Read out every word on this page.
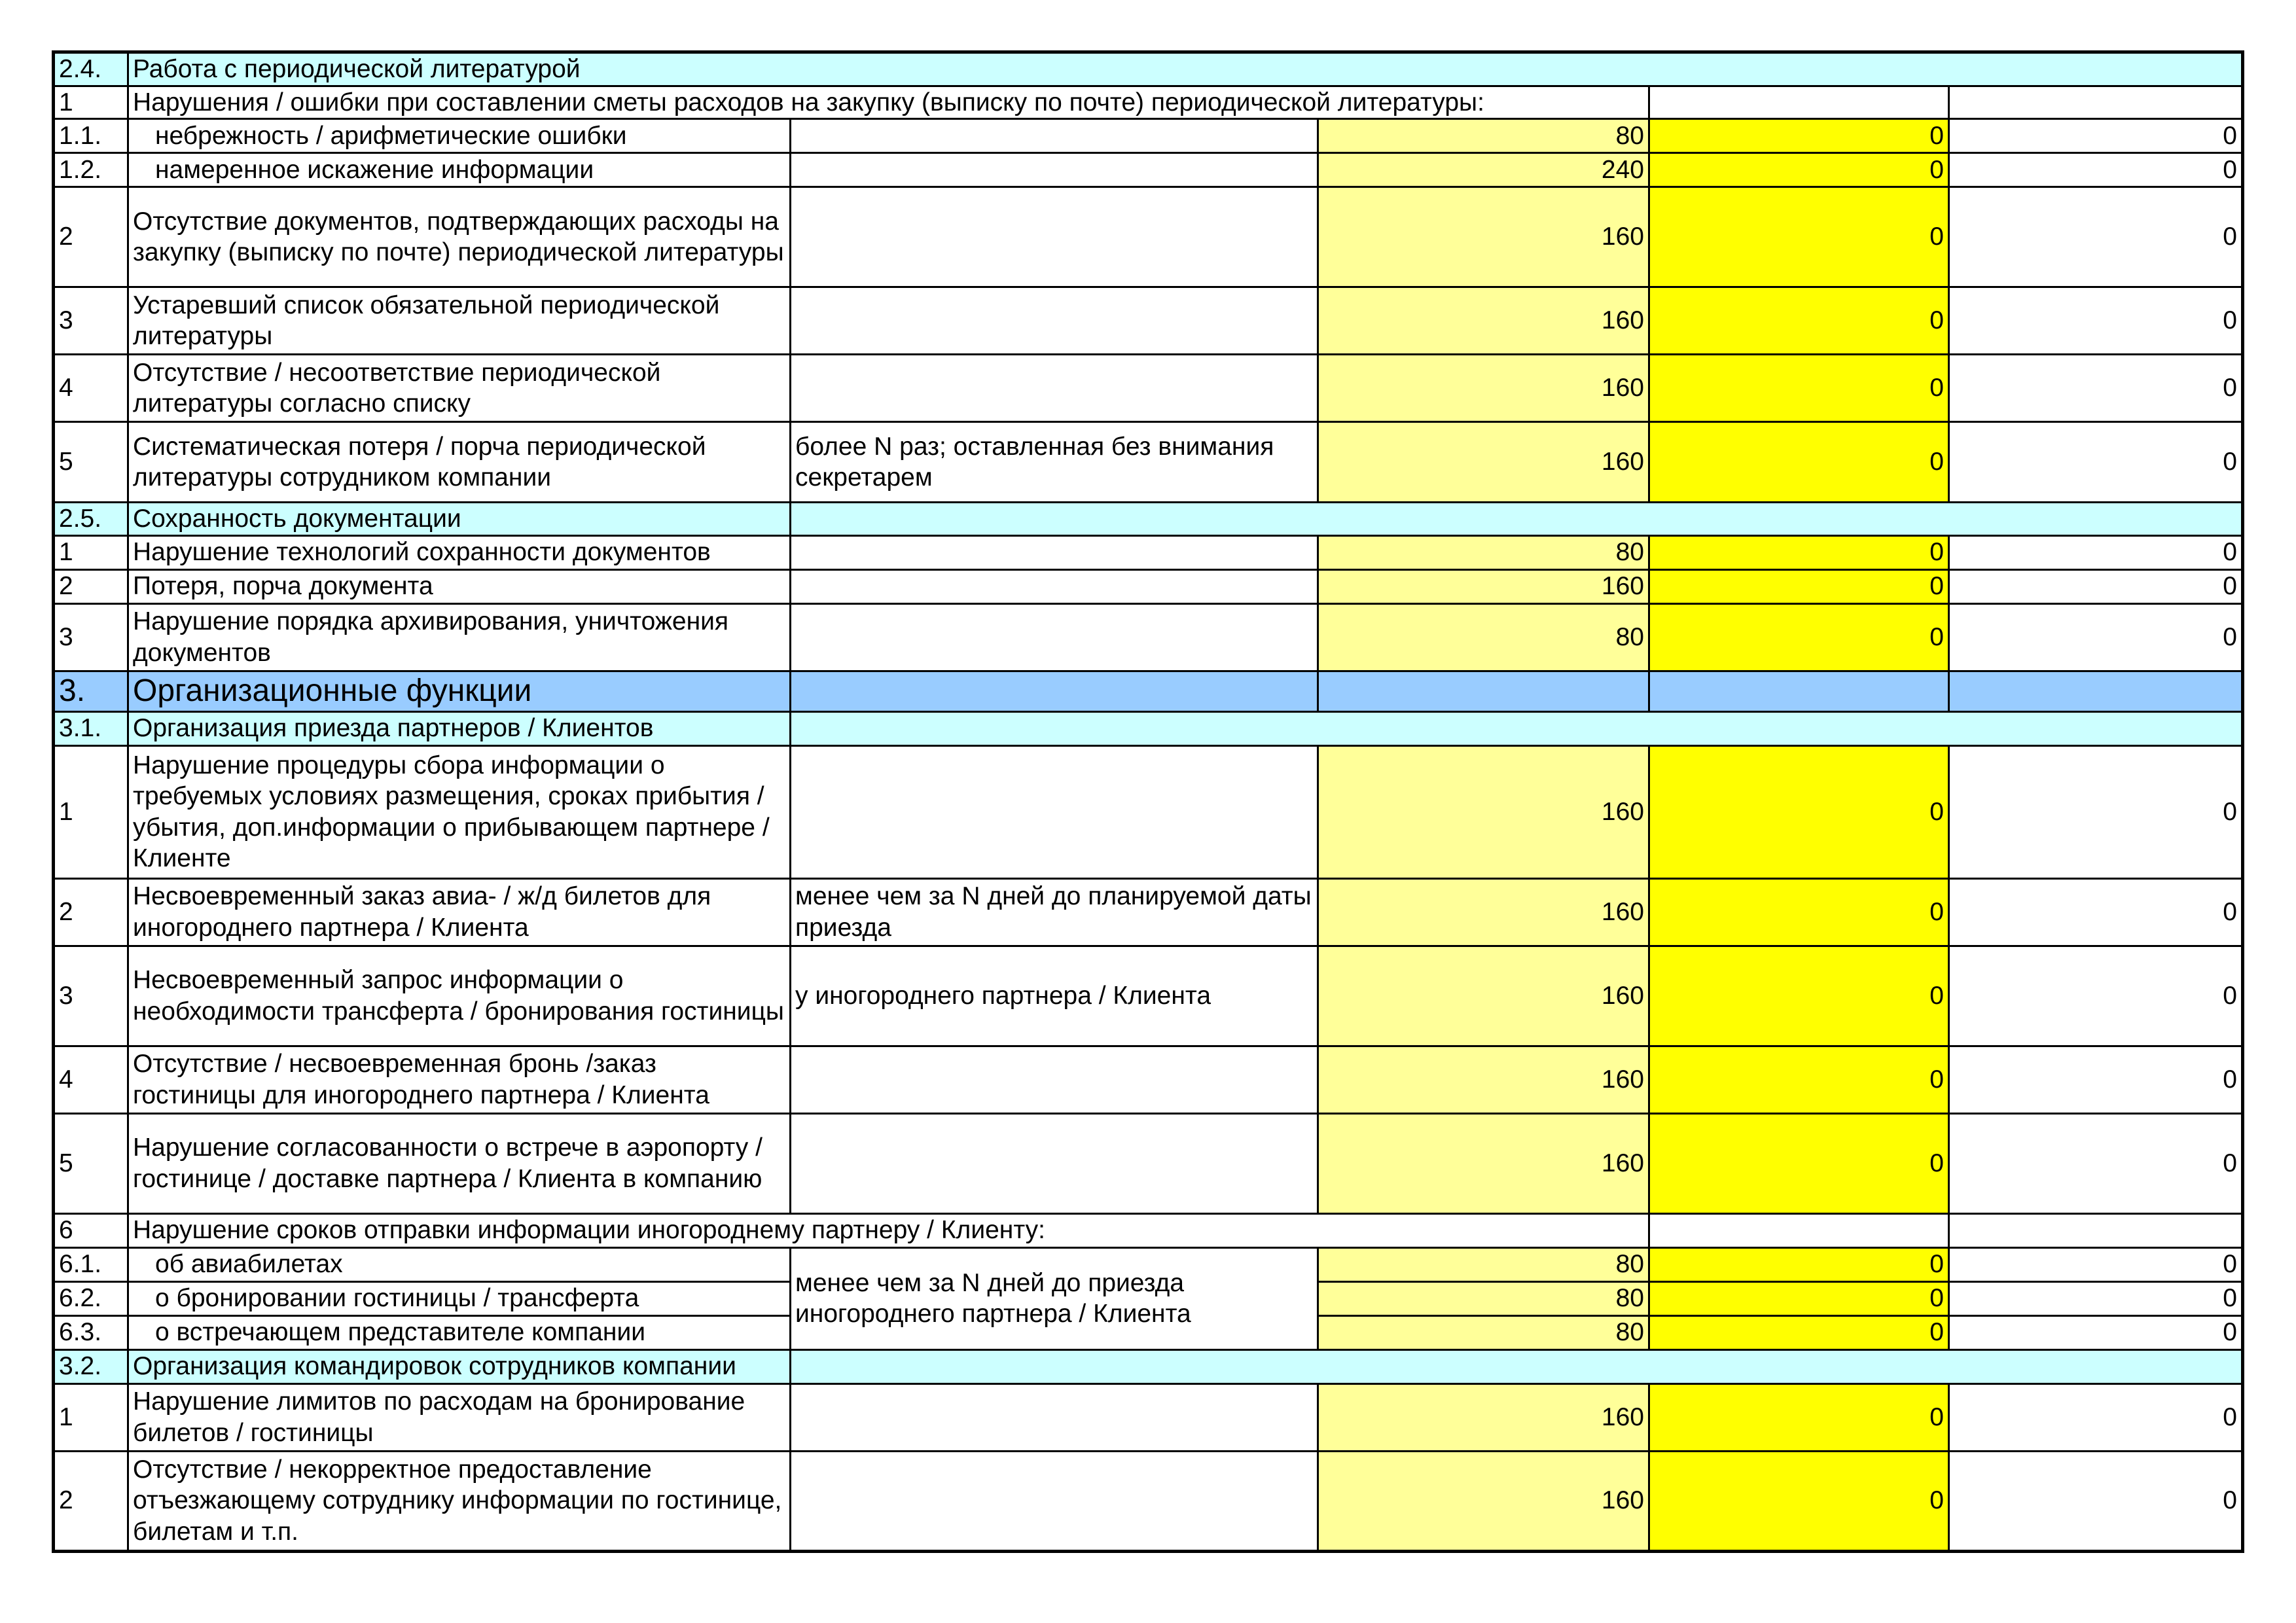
2.4.	Работа с периодической литературой				
1	Нарушения / ошибки при составлении сметы расходов на закупку (выписку по почте) периодической литературы:				
1.1.	небрежность / арифметические ошибки		80	0	0
1.2.	намеренное искажение информации		240	0	0
2	Отсутствие документов, подтверждающих расходы на закупку (выписку по почте) периодической литературы		160	0	0
3	Устаревший список обязательной периодической литературы		160	0	0
4	Отсутствие / несоответствие периодической литературы согласно списку		160	0	0
5	Систематическая потеря / порча периодической литературы сотрудником компании	более N раз; оставленная без внимания секретарем	160	0	0
2.5.	Сохранность документации				
1	Нарушение технологий сохранности документов		80	0	0
2	Потеря, порча документа		160	0	0
3	Нарушение порядка архивирования, уничтожения документов		80	0	0
3.	Организационные функции				
3.1.	Организация приезда партнеров / Клиентов				
1	Нарушение процедуры сбора информации о требуемых условиях размещения, сроках прибытия / убытия, доп.информации о прибывающем партнере / Клиенте		160	0	0
2	Несвоевременный заказ авиа- / ж/д билетов для иногороднего партнера / Клиента	менее чем за N дней до планируемой даты приезда	160	0	0
3	Несвоевременный запрос информации о необходимости трансферта / бронирования гостиницы	у иногороднего партнера / Клиента	160	0	0
4	Отсутствие / несвоевременная бронь /заказ гостиницы для иногороднего партнера / Клиента		160	0	0
5	Нарушение согласованности о встрече в аэропорту / гостинице / доставке партнера / Клиента в компанию		160	0	0
6	Нарушение сроков отправки информации иногороднему партнеру / Клиенту:				
6.1.	об авиабилетах	менее чем за N дней до приезда иногороднего партнера / Клиента	80	0	0
6.2.	о бронировании гостиницы / трансферта		80	0	0
6.3.	о встречающем представителе компании		80	0	0
3.2.	Организация командировок сотрудников компании				
1	Нарушение лимитов по расходам на бронирование билетов / гостиницы		160	0	0
2	Отсутствие / некорректное предоставление отъезжающему сотруднику информации по гостинице, билетам и т.п.		160	0	0
